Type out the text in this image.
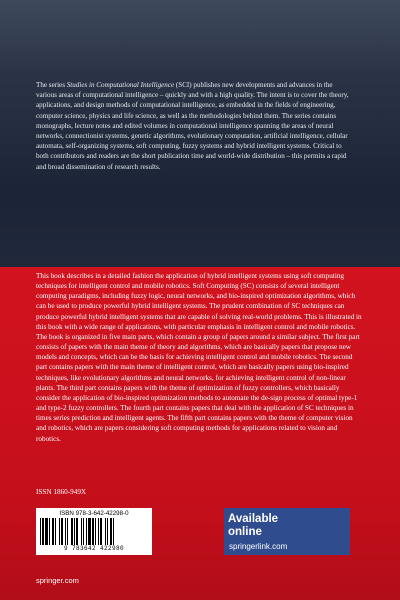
The series Studies in Computational Intelligence (SCI) publishes new developments and advances in the various areas of computational intelligence – quickly and with a high quality. The intent is to cover the theory, applications, and design methods of computational intelligence, as embedded in the fields of engineering, computer science, physics and life science, as well as the methodologies behind them. The series contains monographs, lecture notes and edited volumes in computational intelligence spanning the areas of neural networks, connectionist systems, genetic algorithms, evolutionary computation, artificial intelligence, cellular automata, self-organizing systems, soft computing, fuzzy systems and hybrid intelligent systems. Critical to both contributors and readers are the short publication time and world-wide distribution – this permits a rapid and broad dissemination of research results.
This book describes in a detailed fashion the application of hybrid intelligent systems using soft computing techniques for intelligent control and mobile robotics. Soft Computing (SC) consists of several intelligent computing paradigms, including fuzzy logic, neural networks, and bio-inspired optimization algorithms, which can be used to produce powerful hybrid intelligent systems. The prudent combination of SC techniques can produce powerful hybrid intelligent systems that are capable of solving real-world problems. This is illustrated in this book with a wide range of applications, with particular emphasis in intelligent control and mobile robotics. The book is organized in five main parts, which contain a group of papers around a similar subject. The first part consists of papers with the main theme of theory and algorithms, which are basically papers that propose new models and concepts, which can be the basis for achieving intelligent control and mobile robotics. The second part contains papers with the main theme of intelligent control, which are basically papers using bio-inspired techniques, like evolutionary algorithms and neural networks, for achieving intelligent control of non-linear plants. The third part contains papers with the theme of optimization of fuzzy controllers, which basically consider the application of bio-inspired optimization methods to automate the de-sign process of optimal type-1 and type-2 fuzzy controllers. The fourth part contains papers that deal with the application of SC techniques in times series prediction and intelligent agents. The fifth part contains papers with the theme of computer vision and robotics, which are papers considering soft computing methods for applications related to vision and robotics.
ISSN 1860-949X
ISBN 978-3-642-42298-0
9 783642 422980
Available
online
springerlink.com
springer.com
